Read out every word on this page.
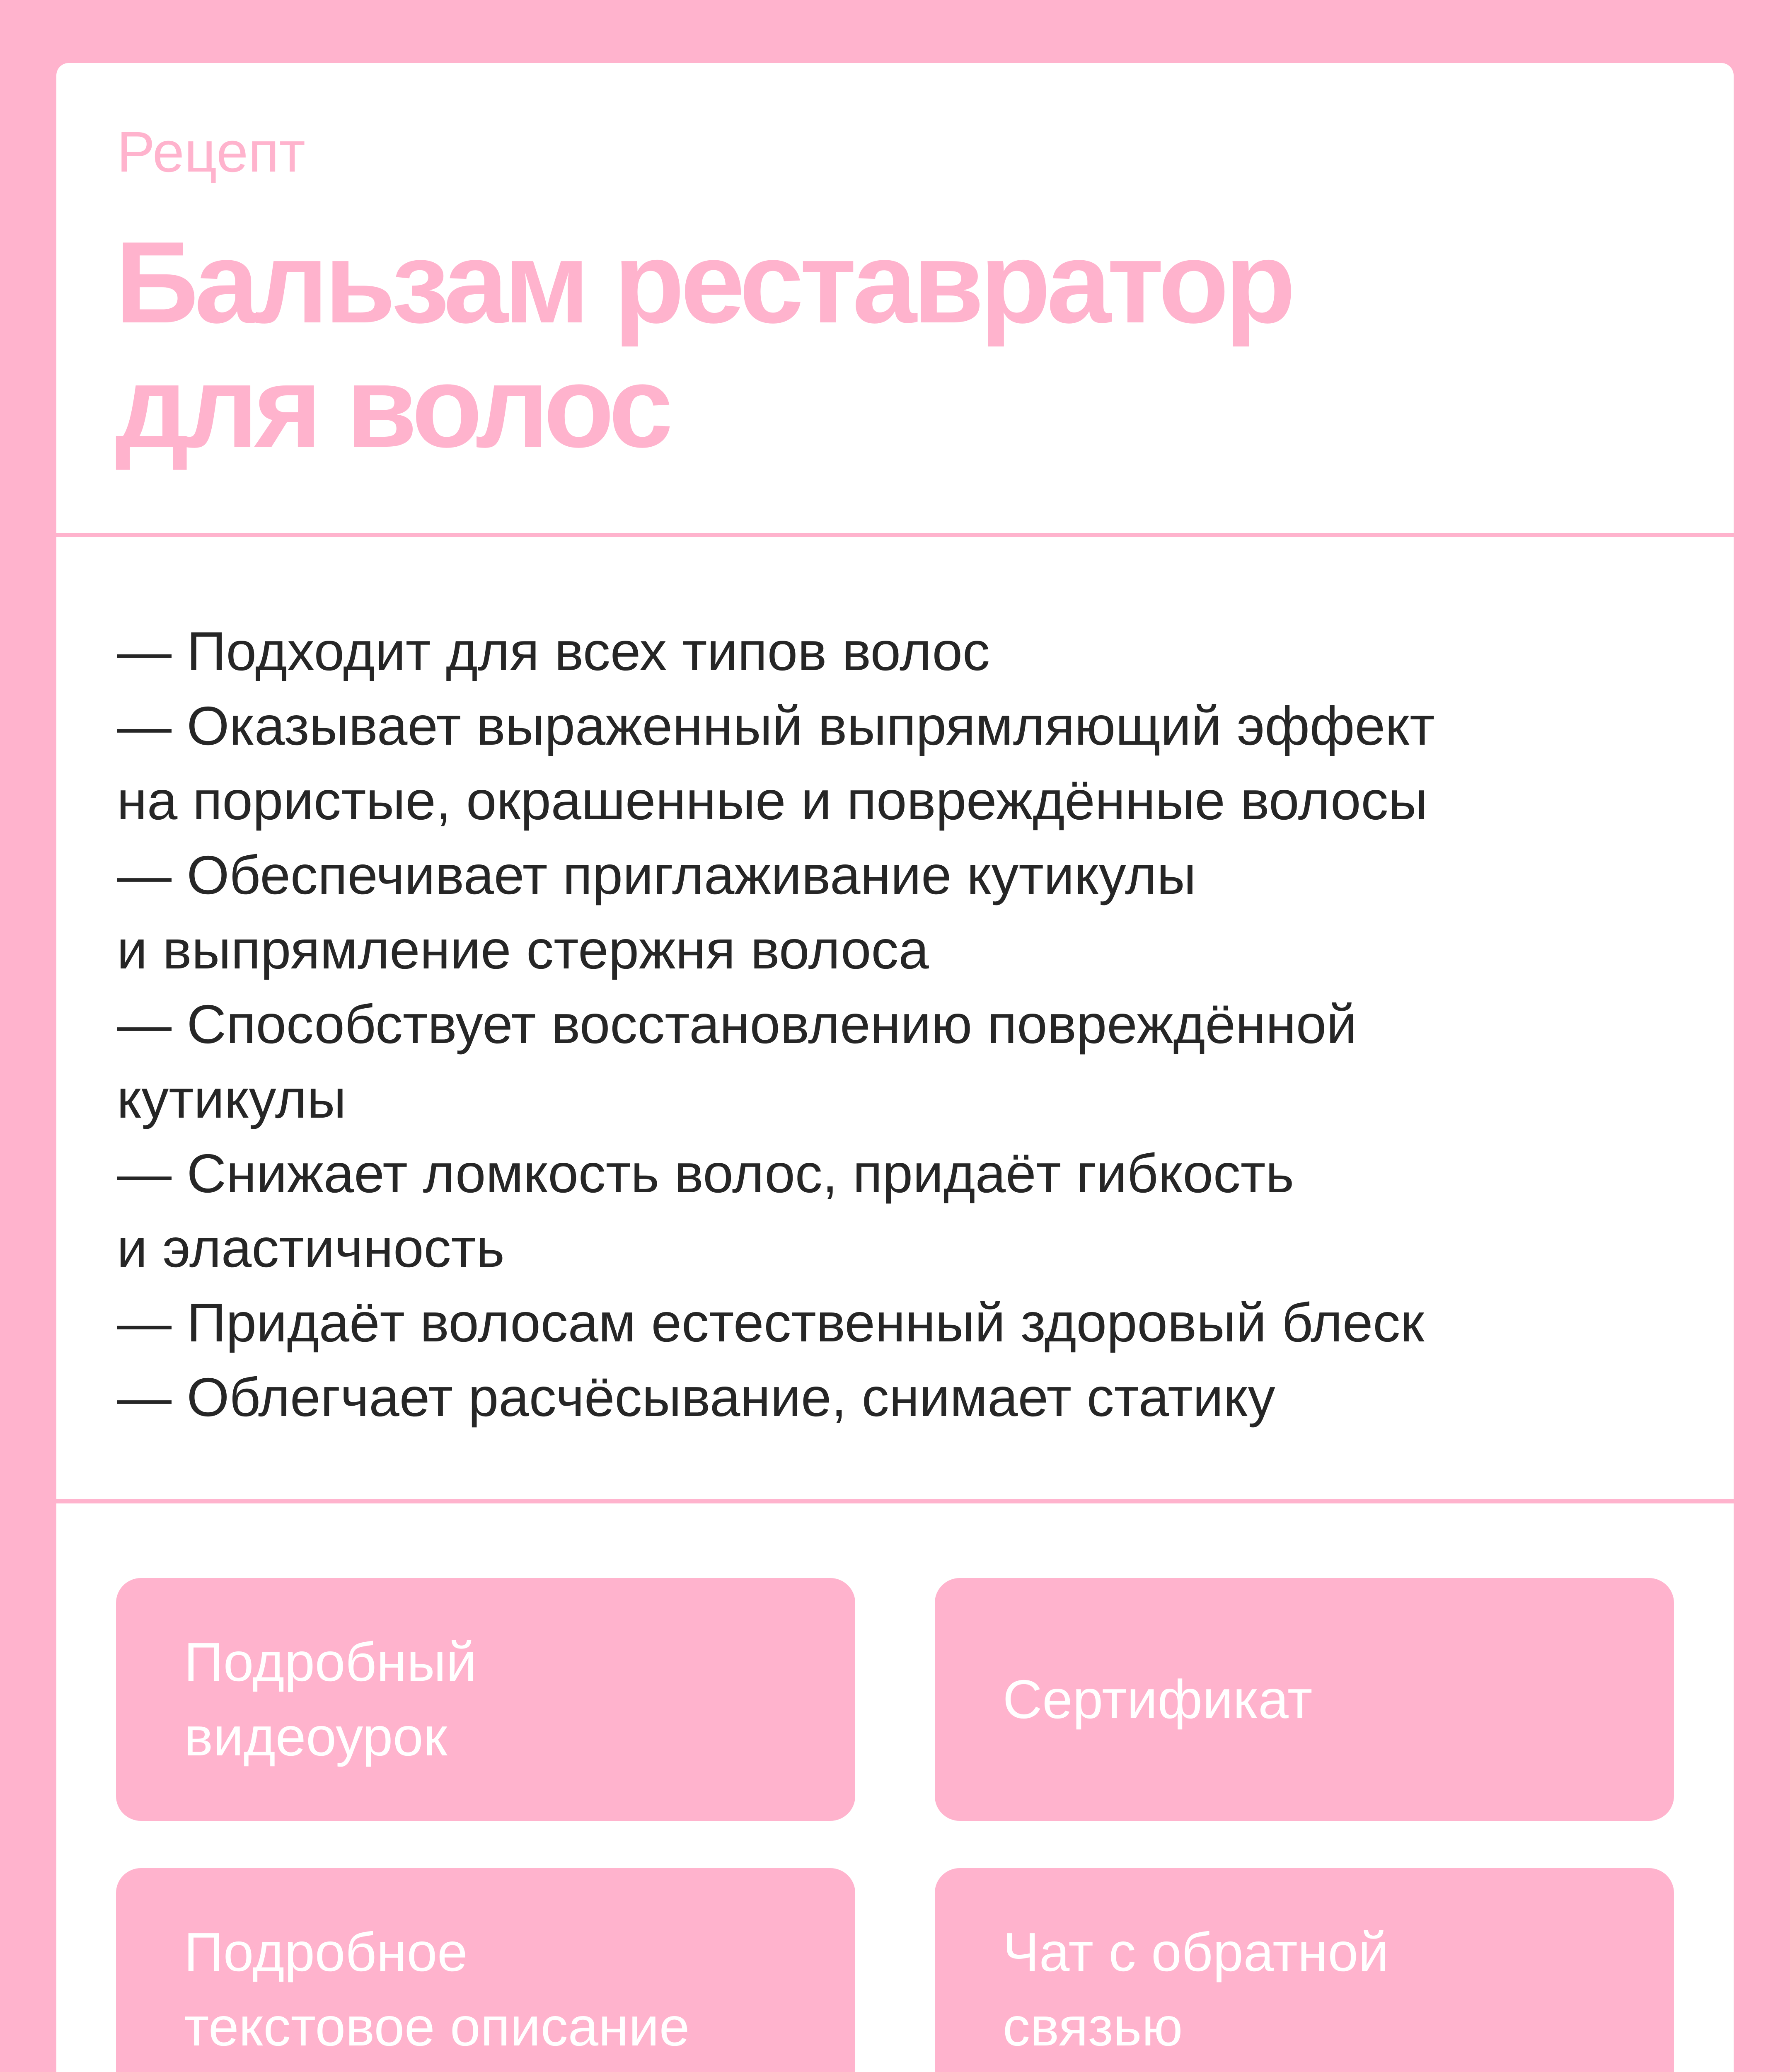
Рецепт
Бальзам реставратор
для волос
— Подходит для всех типов волос
— Оказывает выраженный выпрямляющий эффект
на пористые, окрашенные и повреждённые волосы
— Обеспечивает приглаживание кутикулы
и выпрямление стержня волоса
— Способствует восстановлению повреждённой
кутикулы
— Снижает ломкость волос, придаёт гибкость
и эластичность
— Придаёт волосам естественный здоровый блеск
— Облегчает расчёсывание, снимает статику
Подробный
видеоурок
Сертификат
Подробное
текстовое описание
Чат с обратной
связью
